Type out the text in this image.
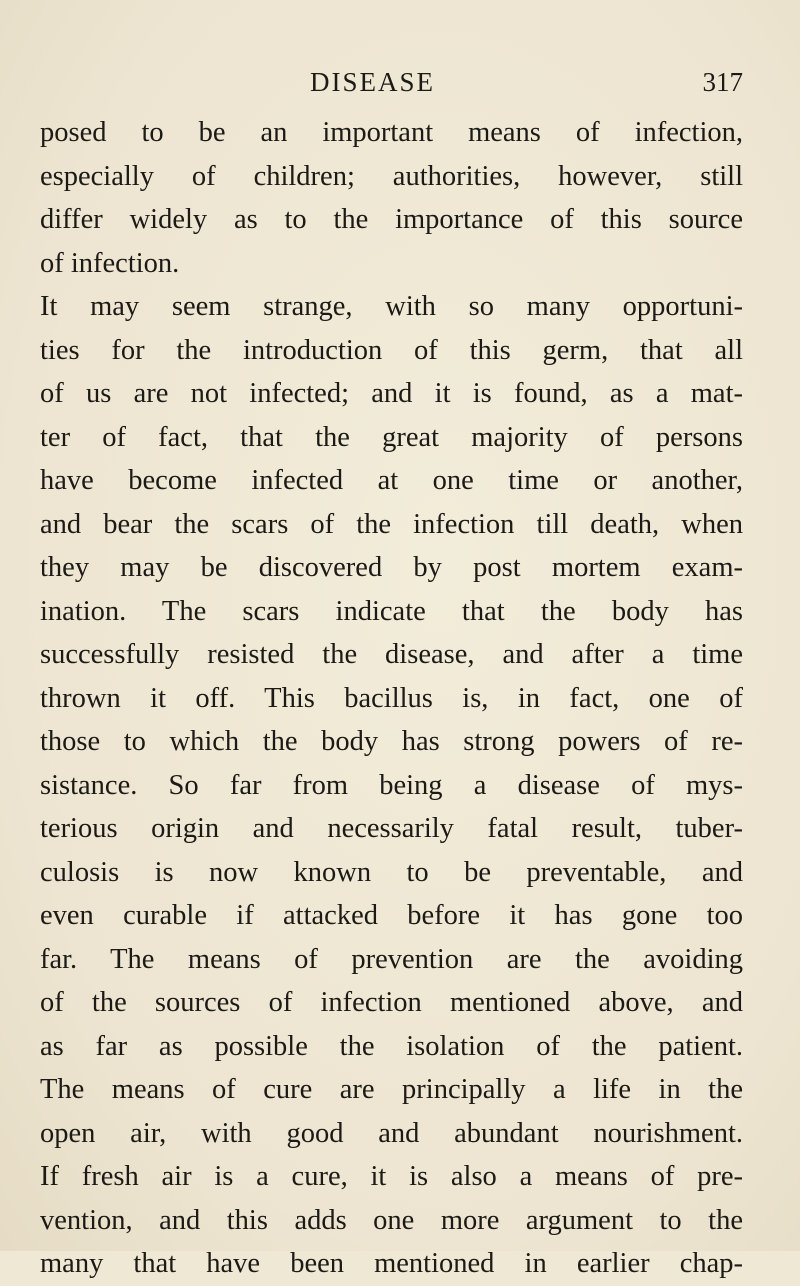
DISEASE	317
posed to be an important means of infection,
especially of children; authorities, however, still
differ widely as to the importance of this source
of infection.
It may seem strange, with so many opportuni-
ties for the introduction of this germ, that all
of us are not infected; and it is found, as a mat-
ter of fact, that the great majority of persons
have become infected at one time or another,
and bear the scars of the infection till death, when
they may be discovered by post mortem exam-
ination. The scars indicate that the body has
successfully resisted the disease, and after a time
thrown it off. This bacillus is, in fact, one of
those to which the body has strong powers of re-
sistance. So far from being a disease of mys-
terious origin and necessarily fatal result, tuber-
culosis is now known to be preventable, and
even curable if attacked before it has gone too
far. The means of prevention are the avoiding
of the sources of infection mentioned above, and
as far as possible the isolation of the patient.
The means of cure are principally a life in the
open air, with good and abundant nourishment.
If fresh air is a cure, it is also a means of pre-
vention, and this adds one more argument to the
many that have been mentioned in earlier chap-
